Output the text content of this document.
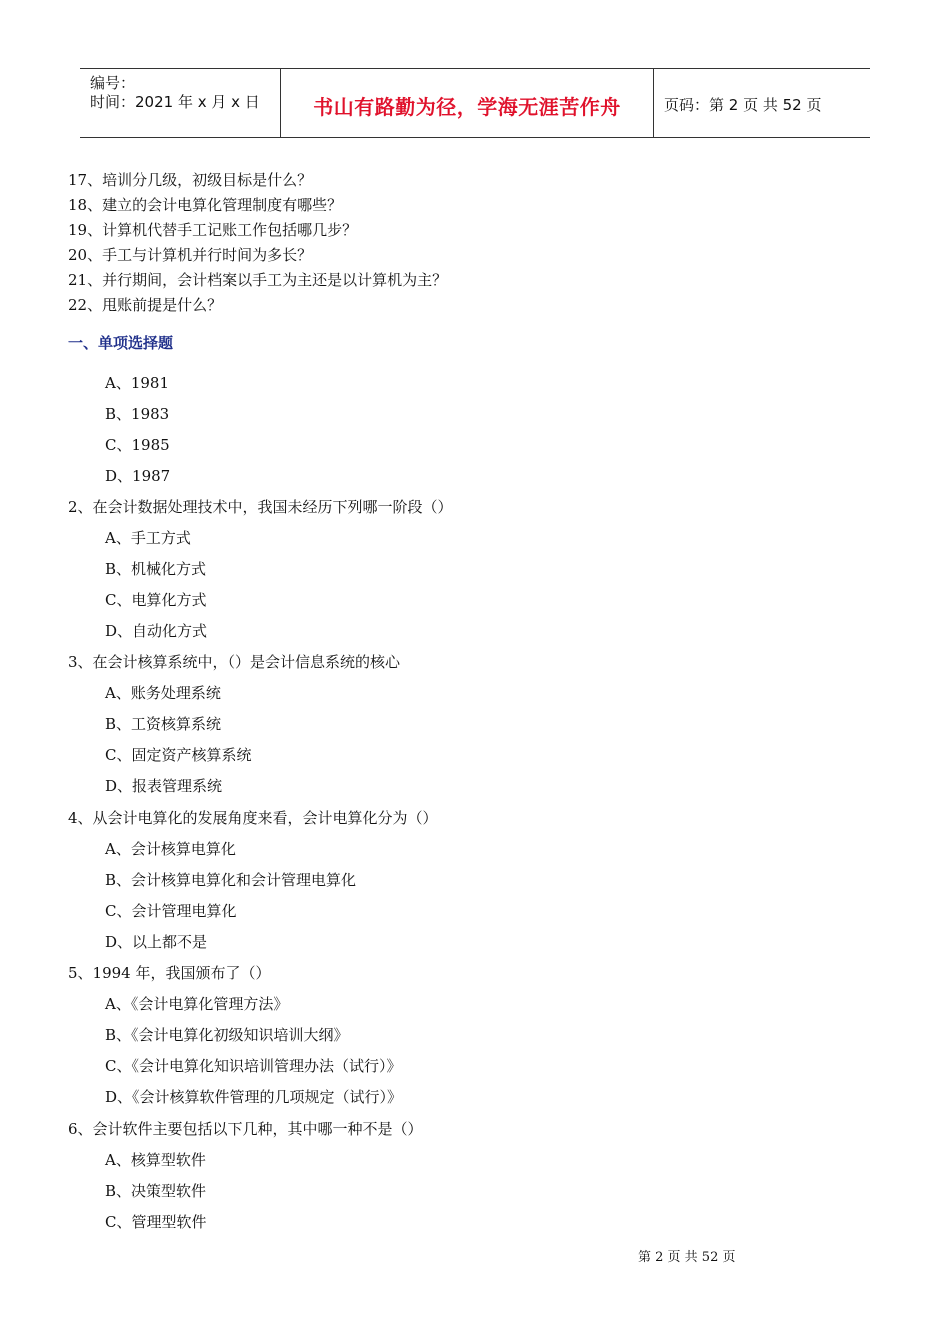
编号：
时间：2021 年 x 月 x 日	书山有路勤为径，学海无涯苦作舟	页码：第 2 页 共 52 页
17、培训分几级，初级目标是什么？
18、建立的会计电算化管理制度有哪些？
19、计算机代替手工记账工作包括哪几步？
20、手工与计算机并行时间为多长？
21、并行期间，会计档案以手工为主还是以计算机为主？
22、甩账前提是什么？
一、单项选择题
A、1981
B、1983
C、1985
D、1987
2、在会计数据处理技术中，我国未经历下列哪一阶段（）
A、手工方式
B、机械化方式
C、电算化方式
D、自动化方式
3、在会计核算系统中，（）是会计信息系统的核心
A、账务处理系统
B、工资核算系统
C、固定资产核算系统
D、报表管理系统
4、从会计电算化的发展角度来看，会计电算化分为（）
A、会计核算电算化
B、会计核算电算化和会计管理电算化
C、会计管理电算化
D、以上都不是
5、1994 年，我国颁布了（）
A、《会计电算化管理方法》
B、《会计电算化初级知识培训大纲》
C、《会计电算化知识培训管理办法（试行）》
D、《会计核算软件管理的几项规定（试行）》
6、会计软件主要包括以下几种，其中哪一种不是（）
A、核算型软件
B、决策型软件
C、管理型软件
第 2 页 共 52 页
